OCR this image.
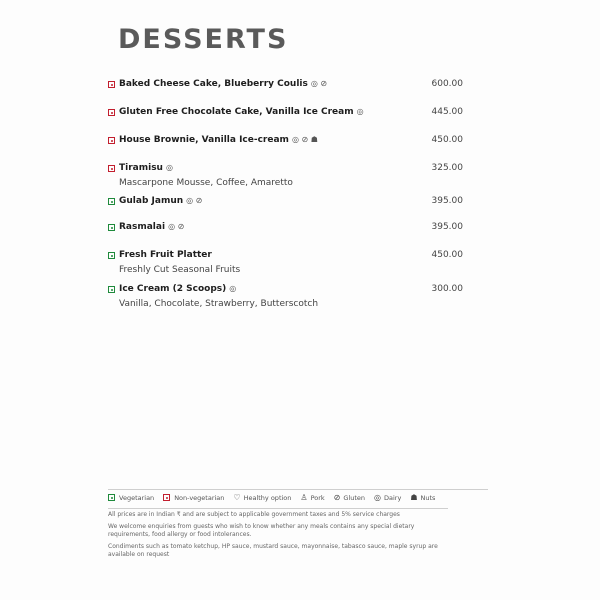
DESSERTS
Baked Cheese Cake, Blueberry Coulis ◎ ⊘	600.00
Gluten Free Chocolate Cake, Vanilla Ice Cream ◎	445.00
House Brownie, Vanilla Ice-cream ◎ ⊘ ☗	450.00
Tiramisu ◎	325.00
Mascarpone Mousse, Coffee, Amaretto
Gulab Jamun ◎ ⊘	395.00
Rasmalai ◎ ⊘	395.00
Fresh Fruit Platter	450.00
Freshly Cut Seasonal Fruits
Ice Cream (2 Scoops) ◎	300.00
Vanilla, Chocolate, Strawberry, Butterscotch
Vegetarian	Non-vegetarian ♡ Healthy option ♙ Pork ⊘ Gluten ◎ Dairy ☗ Nuts

All prices are in Indian ₹ and are subject to applicable government taxes and 5% service charges

We welcome enquiries from guests who wish to know whether any meals contains any special dietary requirements, food allergy or food intolerances.

Condiments such as tomato ketchup, HP sauce, mustard sauce, mayonnaise, tabasco sauce, maple syrup are available on request
